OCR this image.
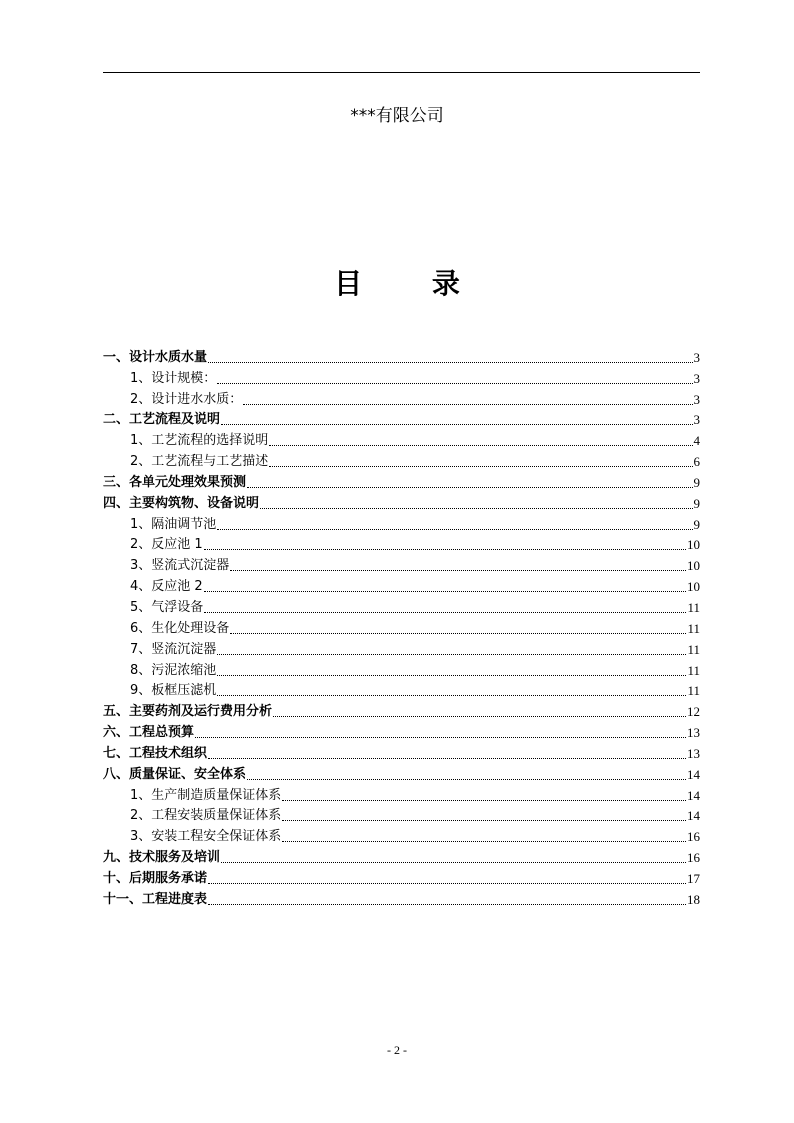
***有限公司
目 录
一、设计水质水量	3
1、设计规模：	3
2、设计进水水质：	3
二、工艺流程及说明	3
1、工艺流程的选择说明	4
2、工艺流程与工艺描述	6
三、各单元处理效果预测	9
四、主要构筑物、设备说明	9
1、隔油调节池	9
2、反应池 1	10
3、竖流式沉淀器	10
4、反应池 2	10
5、气浮设备	11
6、生化处理设备	11
7、竖流沉淀器	11
8、污泥浓缩池	11
9、板框压滤机	11
五、主要药剂及运行费用分析	12
六、工程总预算	13
七、工程技术组织	13
八、质量保证、安全体系	14
1、生产制造质量保证体系	14
2、工程安装质量保证体系	14
3、安装工程安全保证体系	16
九、技术服务及培训	16
十、后期服务承诺	17
十一、工程进度表	18
- 2 -
